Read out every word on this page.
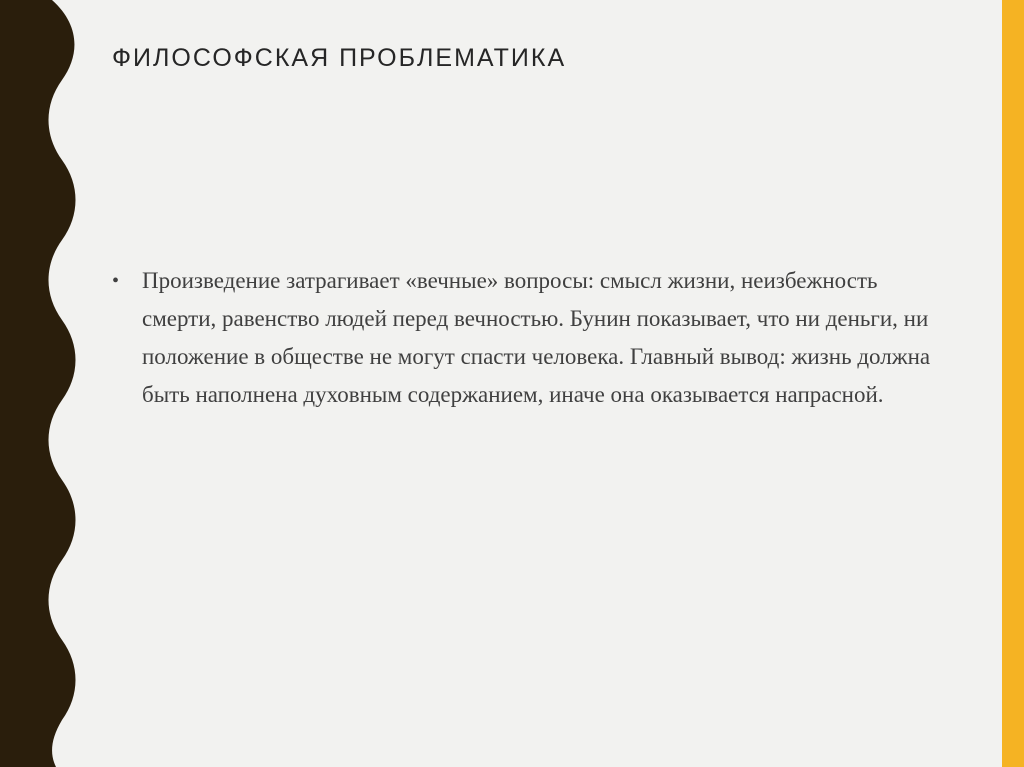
ФИЛОСОФСКАЯ ПРОБЛЕМАТИКА
• Произведение затрагивает «вечные» вопросы: смысл жизни, неизбежность смерти, равенство людей перед вечностью. Бунин показывает, что ни деньги, ни положение в обществе не могут спасти человека. Главный вывод: жизнь должна быть наполнена духовным содержанием, иначе она оказывается напрасной.
